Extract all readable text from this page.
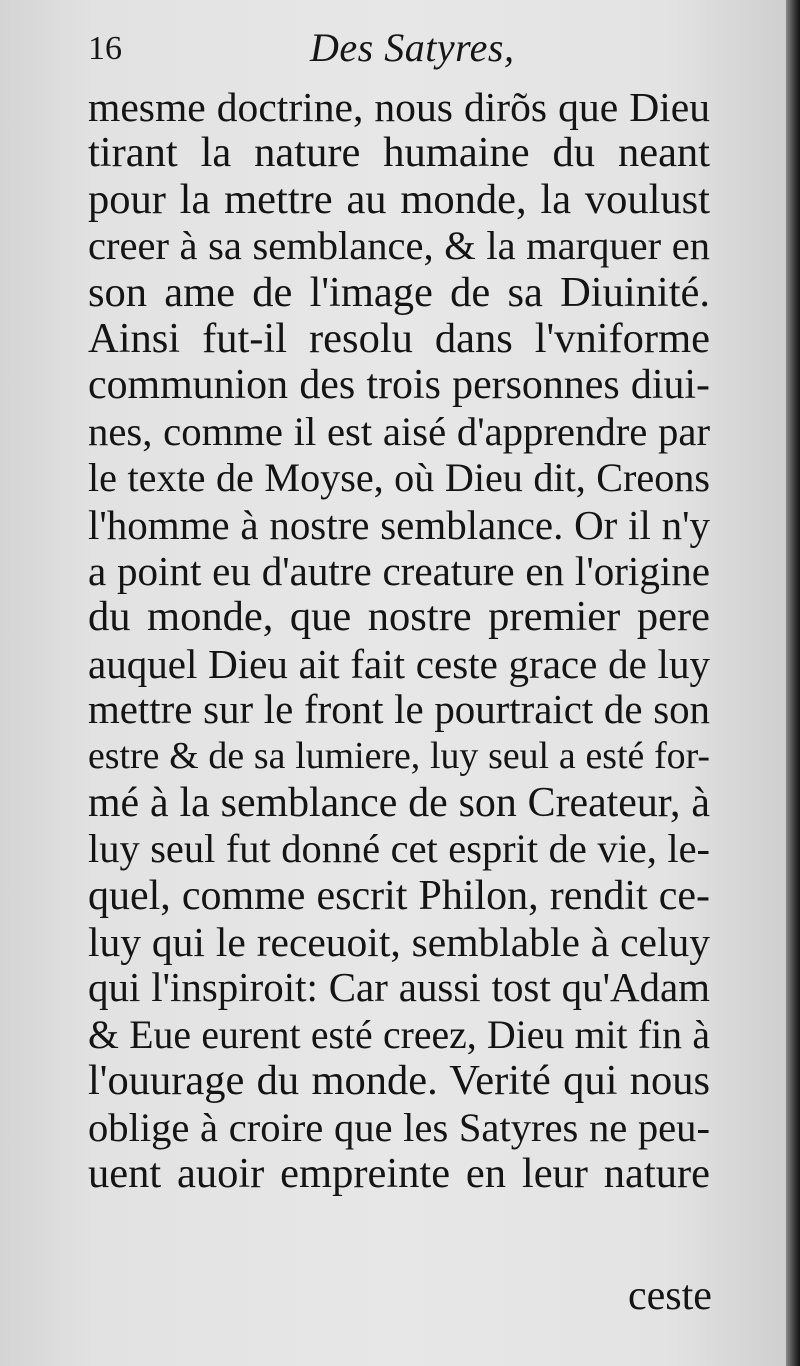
16	Des Satyres,
mesme doctrine, nous dirõs que Dieu
tirant la nature humaine du neant
pour la mettre au monde, la voulust
creer à sa semblance, & la marquer en
son ame de l'image de sa Diuinité.
Ainsi fut-il resolu dans l'vniforme
communion des trois personnes diui-
nes, comme il est aisé d'apprendre par
le texte de Moyse, où Dieu dit, Creons
l'homme à nostre semblance. Or il n'y
a point eu d'autre creature en l'origine
du monde, que nostre premier pere
auquel Dieu ait fait ceste grace de luy
mettre sur le front le pourtraict de son
estre & de sa lumiere, luy seul a esté for-
mé à la semblance de son Createur, à
luy seul fut donné cet esprit de vie, le-
quel, comme escrit Philon, rendit ce-
luy qui le receuoit, semblable à celuy
qui l'inspiroit: Car aussi tost qu'Adam
& Eue eurent esté creez, Dieu mit fin à
l'ouurage du monde. Verité qui nous
oblige à croire que les Satyres ne peu-
uent auoir empreinte en leur nature
ceste
